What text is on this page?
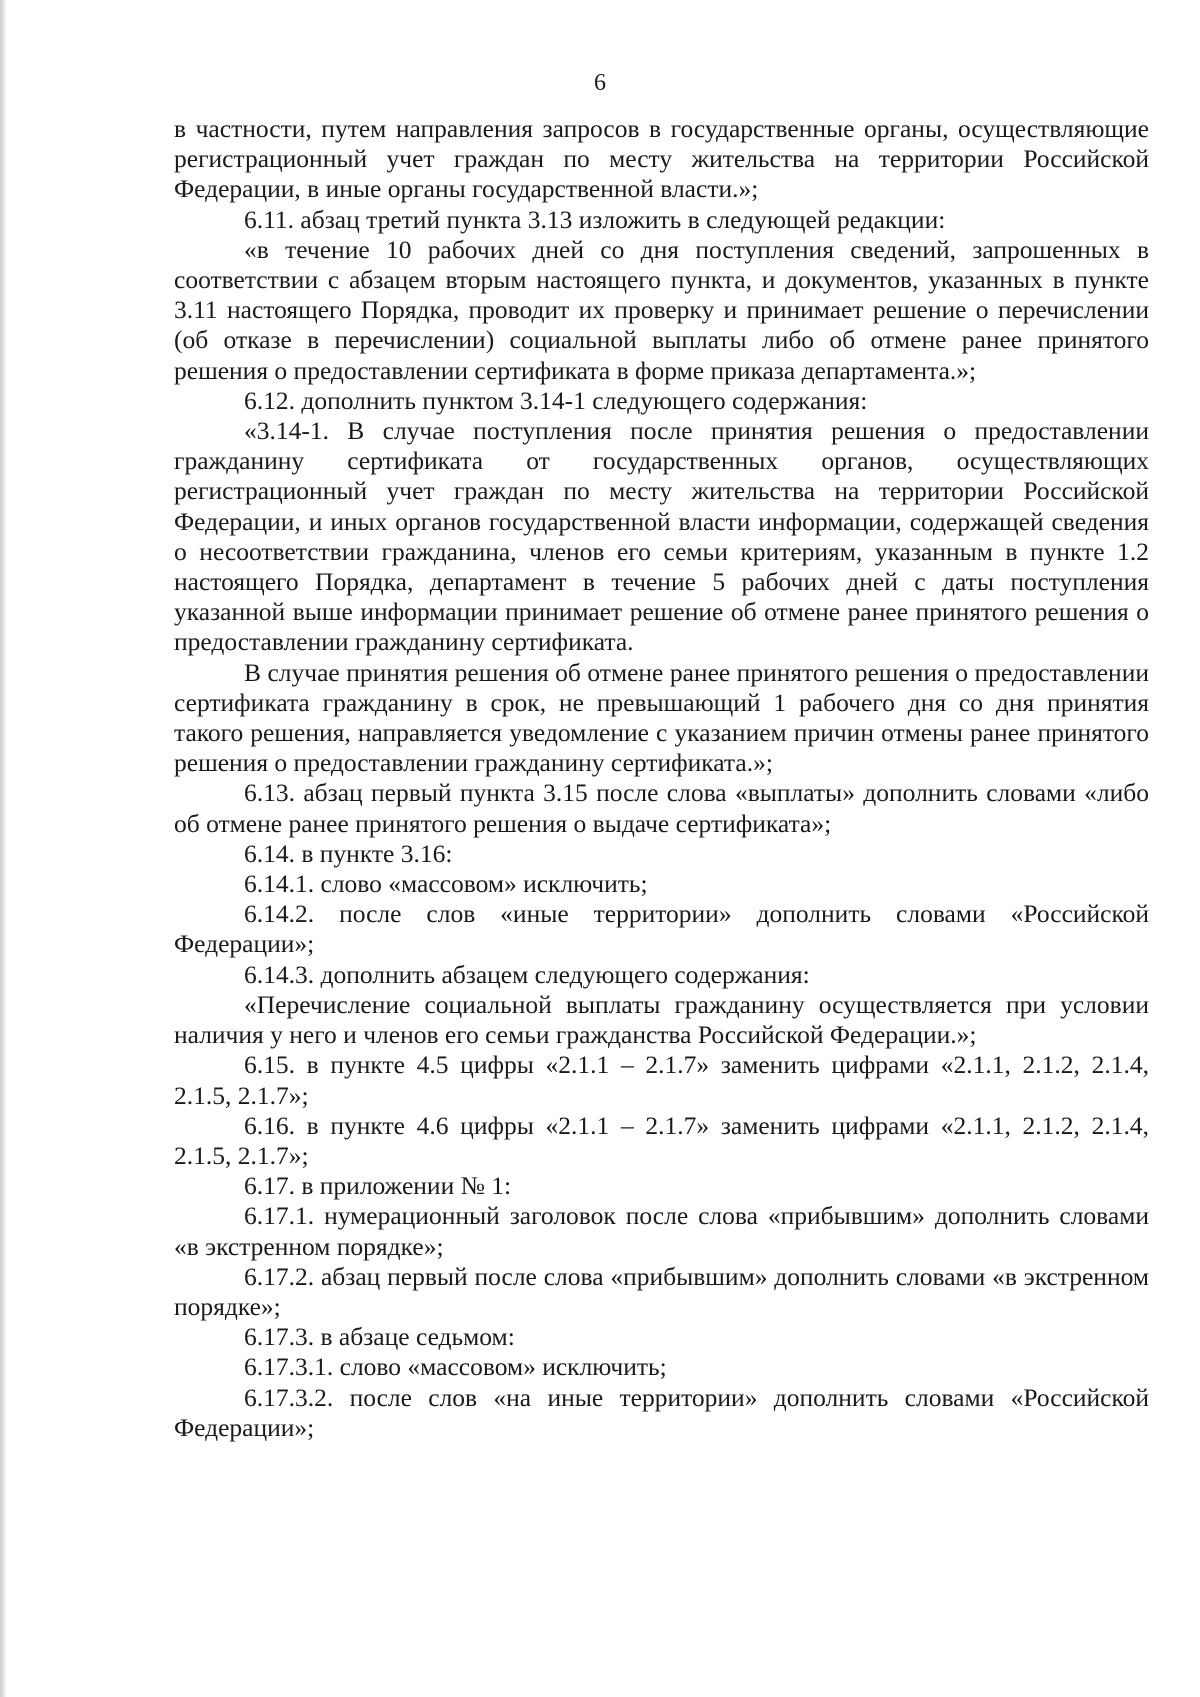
6

в частности, путем направления запросов в государственные органы, осуществляющие регистрационный учет граждан по месту жительства на территории Российской Федерации, в иные органы государственной власти.»;

6.11. абзац третий пункта 3.13 изложить в следующей редакции:

«в течение 10 рабочих дней со дня поступления сведений, запрошенных в соответствии с абзацем вторым настоящего пункта, и документов, указанных в пункте 3.11 настоящего Порядка, проводит их проверку и принимает решение о перечислении (об отказе в перечислении) социальной выплаты либо об отмене ранее принятого решения о предоставлении сертификата в форме приказа департамента.»;

6.12. дополнить пунктом 3.14-1 следующего содержания:

«3.14-1. В случае поступления после принятия решения о предоставлении гражданину сертификата от государственных органов, осуществляющих регистрационный учет граждан по месту жительства на территории Российской Федерации, и иных органов государственной власти информации, содержащей сведения о несоответствии гражданина, членов его семьи критериям, указанным в пункте 1.2 настоящего Порядка, департамент в течение 5 рабочих дней с даты поступления указанной выше информации принимает решение об отмене ранее принятого решения о предоставлении гражданину сертификата.

В случае принятия решения об отмене ранее принятого решения о предоставлении сертификата гражданину в срок, не превышающий 1 рабочего дня со дня принятия такого решения, направляется уведомление с указанием причин отмены ранее принятого решения о предоставлении гражданину сертификата.»;

6.13. абзац первый пункта 3.15 после слова «выплаты» дополнить словами «либо об отмене ранее принятого решения о выдаче сертификата»;

6.14. в пункте 3.16:

6.14.1. слово «массовом» исключить;

6.14.2. после слов «иные территории» дополнить словами «Российской Федерации»;

6.14.3. дополнить абзацем следующего содержания:

«Перечисление социальной выплаты гражданину осуществляется при условии наличия у него и членов его семьи гражданства Российской Федерации.»;

6.15. в пункте 4.5 цифры «2.1.1 – 2.1.7» заменить цифрами «2.1.1, 2.1.2, 2.1.4, 2.1.5, 2.1.7»;

6.16. в пункте 4.6 цифры «2.1.1 – 2.1.7» заменить цифрами «2.1.1, 2.1.2, 2.1.4, 2.1.5, 2.1.7»;

6.17. в приложении № 1:

6.17.1. нумерационный заголовок после слова «прибывшим» дополнить словами «в экстренном порядке»;

6.17.2. абзац первый после слова «прибывшим» дополнить словами «в экстренном порядке»;

6.17.3. в абзаце седьмом:

6.17.3.1. слово «массовом» исключить;

6.17.3.2. после слов «на иные территории» дополнить словами «Российской Федерации»;
